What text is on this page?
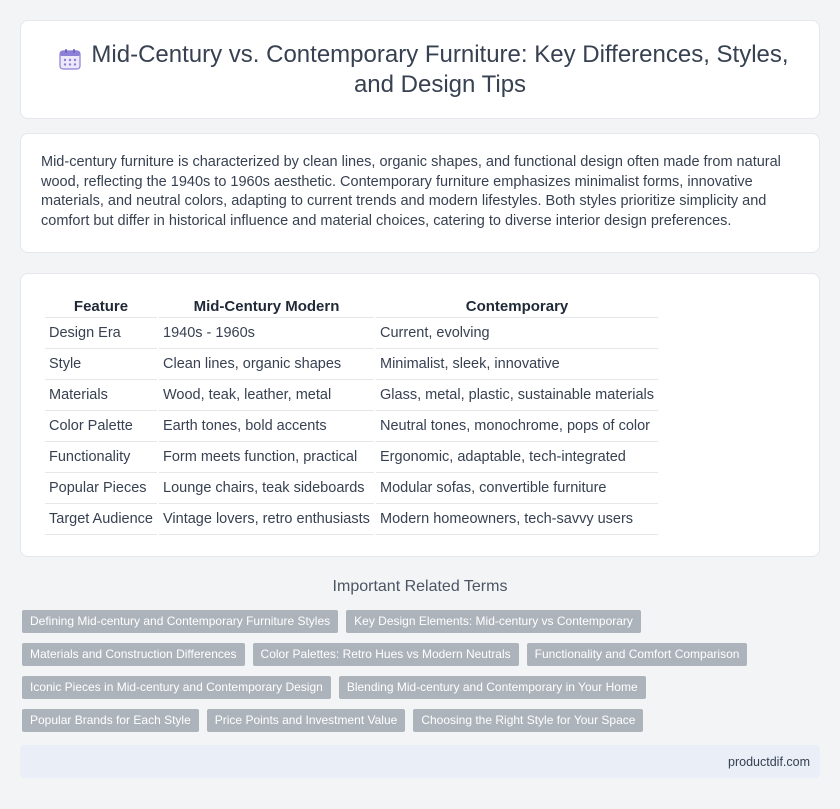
Mid-Century vs. Contemporary Furniture: Key Differences, Styles, and Design Tips

Mid-century furniture is characterized by clean lines, organic shapes, and functional design often made from natural wood, reflecting the 1940s to 1960s aesthetic. Contemporary furniture emphasizes minimalist forms, innovative materials, and neutral colors, adapting to current trends and modern lifestyles. Both styles prioritize simplicity and comfort but differ in historical influence and material choices, catering to diverse interior design preferences.

Feature	Mid-Century Modern	Contemporary
Design Era	1940s - 1960s	Current, evolving
Style	Clean lines, organic shapes	Minimalist, sleek, innovative
Materials	Wood, teak, leather, metal	Glass, metal, plastic, sustainable materials
Color Palette	Earth tones, bold accents	Neutral tones, monochrome, pops of color
Functionality	Form meets function, practical	Ergonomic, adaptable, tech-integrated
Popular Pieces	Lounge chairs, teak sideboards	Modular sofas, convertible furniture
Target Audience	Vintage lovers, retro enthusiasts	Modern homeowners, tech-savvy users
Important Related Terms
Defining Mid-century and Contemporary Furniture Styles	Key Design Elements: Mid-century vs Contemporary
Materials and Construction Differences	Color Palettes: Retro Hues vs Modern Neutrals	Functionality and Comfort Comparison
Iconic Pieces in Mid-century and Contemporary Design	Blending Mid-century and Contemporary in Your Home
Popular Brands for Each Style	Price Points and Investment Value	Choosing the Right Style for Your Space
productdif.com
